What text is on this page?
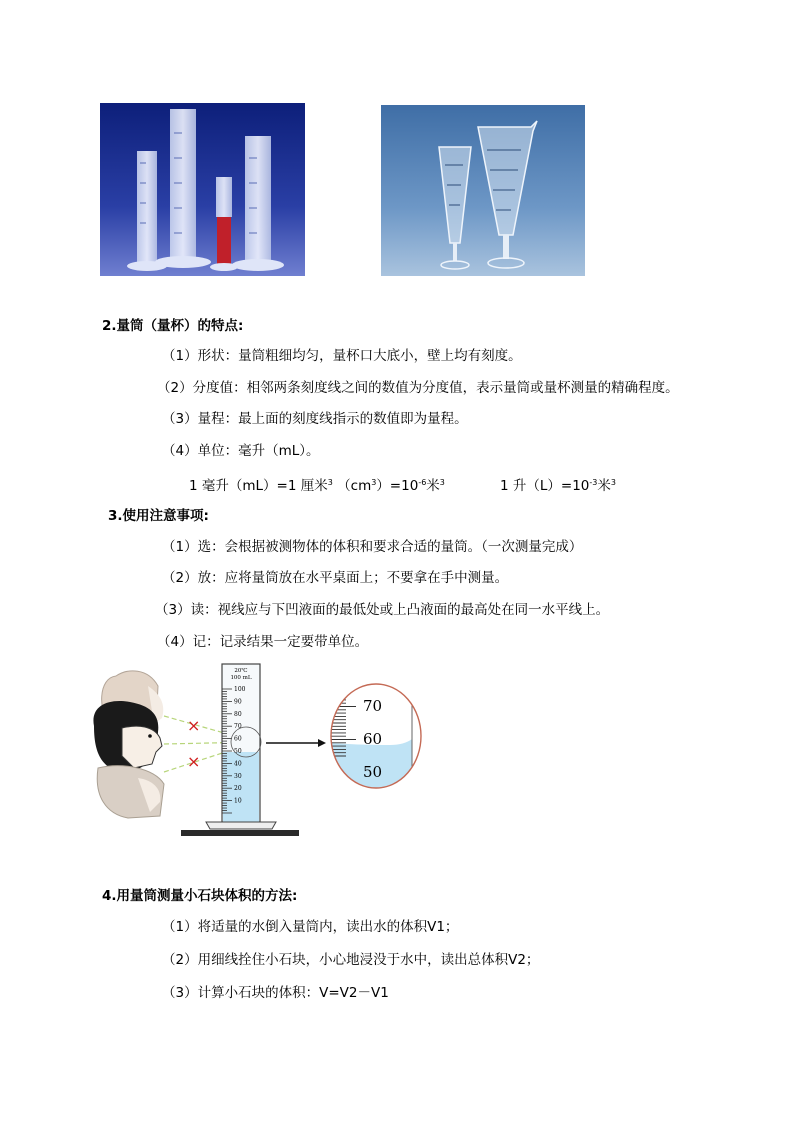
2.量筒（量杯）的特点:
（1）形状：量筒粗细均匀，量杯口大底小，壁上均有刻度。
（2）分度值：相邻两条刻度线之间的数值为分度值，表示量筒或量杯测量的精确程度。
（3）量程：最上面的刻度线指示的数值即为量程。
（4）单位：毫升（mL）。
1 毫升（mL）=1 厘米$^3$ $(cm^3)=10^{-6}$米$^3$	1 升$(L)=10^{-3}$米$^3$
3.使用注意事项:
（1）选：会根据被测物体的体积和要求合适的量筒。（一次测量完成）
（2）放：应将量筒放在水平桌面上；不要拿在手中测量。
（3）读：视线应与下凹液面的最低处或上凸液面的最高处在同一水平线上。
（4）记：记录结果一定要带单位。
×
×
20℃
100 mL
100
90
80
70
60
50
40
30
20
10
70
60
50
4.用量筒测量小石块体积的方法:
（1）将适量的水倒入量筒内，读出水的体积V1；
（2）用细线拴住小石块，小心地浸没于水中，读出总体积V2；
（3）计算小石块的体积：V=V2－V1
